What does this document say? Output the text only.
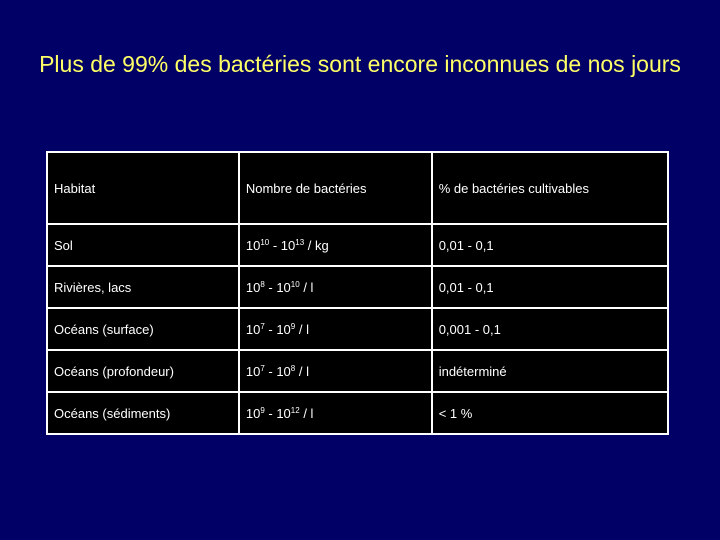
Plus de 99% des bactéries sont encore inconnues de nos jours
Habitat	Nombre de bactéries	% de bactéries cultivables
Sol	$10^{10} - 10^{13}$ / kg	0,01 - 0,1
Rivières, lacs	$10^8 - 10^{10}$ / l	0,01 - 0,1
Océans (surface)	$10^7 - 10^9$ / l	0,001 - 0,1
Océans (profondeur)	$10^7 - 10^8$ / l	indéterminé
Océans (sédiments)	$10^9 - 10^{12}$ / l	< 1 %
